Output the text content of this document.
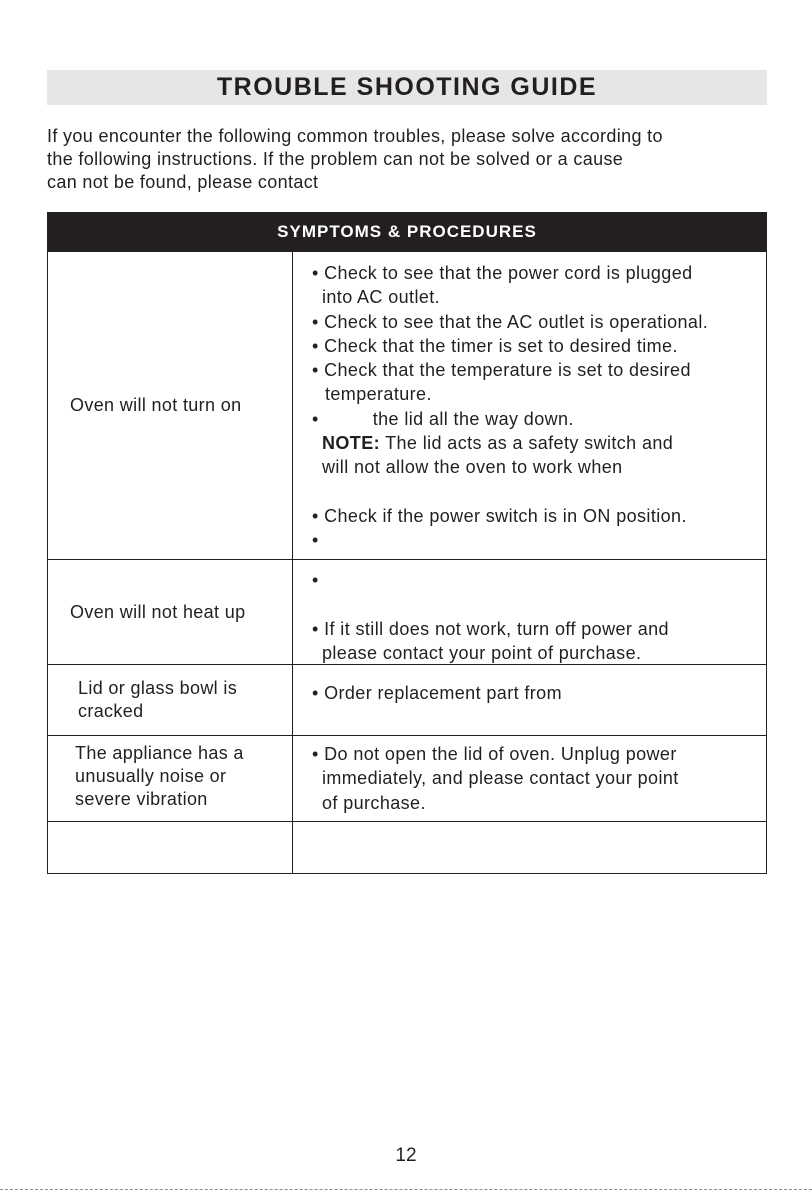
TROUBLE SHOOTING GUIDE

If you encounter the following common troubles, please solve according to

the following instructions. If the problem can not be solved or a cause

can not be found, please contact

SYMPTOMS & PROCEDURES
Oven will not turn on

• Check to see that the power cord is plugged

into AC outlet.

• Check to see that the AC outlet is operational.

• Check that the timer is set to desired time.

• Check that the temperature is set to desired

temperature.

•          the lid all the way down.

NOTE: The lid acts as a safety switch and

will not allow the oven to work when

• Check if the power switch is in ON position.

•

Oven will not heat up

•

• If it still does not work, turn off power and

please contact your point of purchase.

Lid or glass bowl is
cracked

• Order replacement part from

The appliance has a
unusually noise or
severe vibration

• Do not open the lid of oven. Unplug power

immediately, and please contact your point

of purchase.

12
